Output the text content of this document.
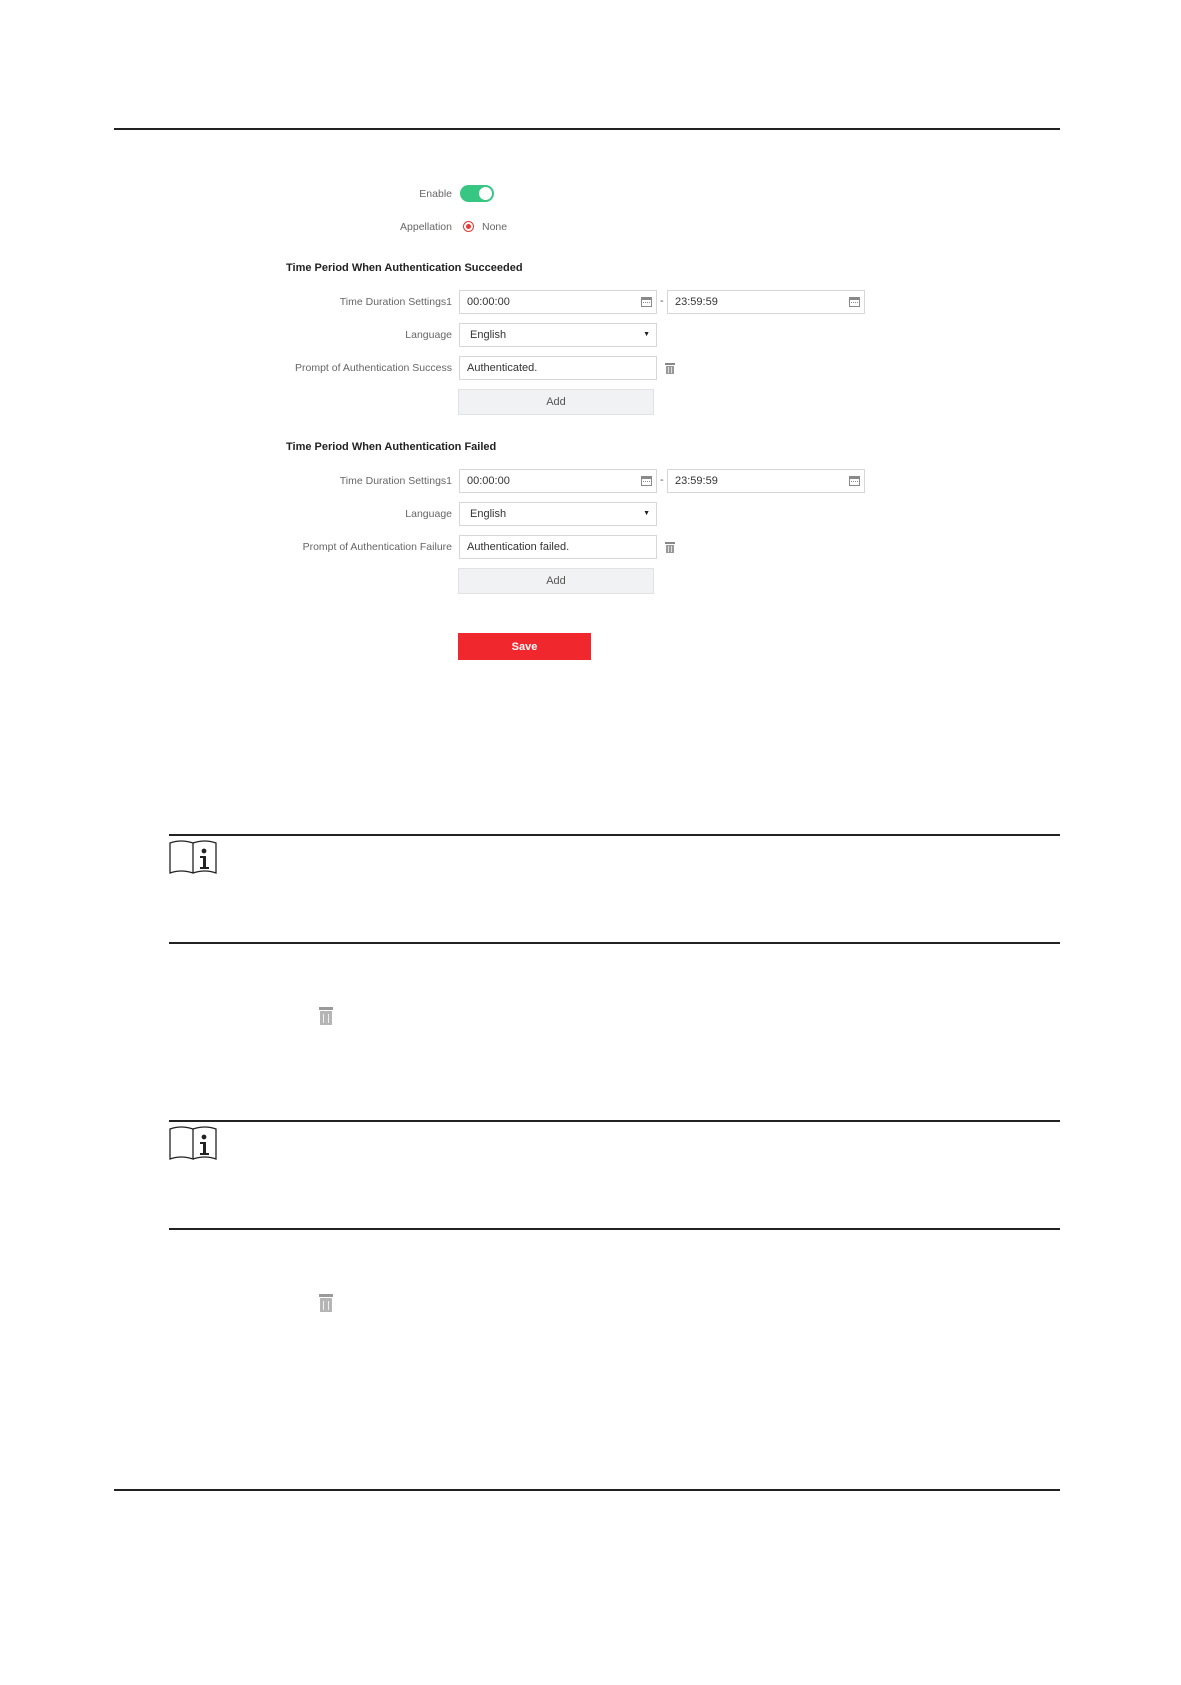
Enable
Appellation	None
Time Period When Authentication Succeeded
Time Duration Settings1	00:00:00	-	23:59:59
Language	English	▼
Prompt of Authentication Success	Authenticated.
Add
Time Period When Authentication Failed
Time Duration Settings1	00:00:00	-	23:59:59
Language	English	▼
Prompt of Authentication Failure	Authentication failed.
Add
Save
